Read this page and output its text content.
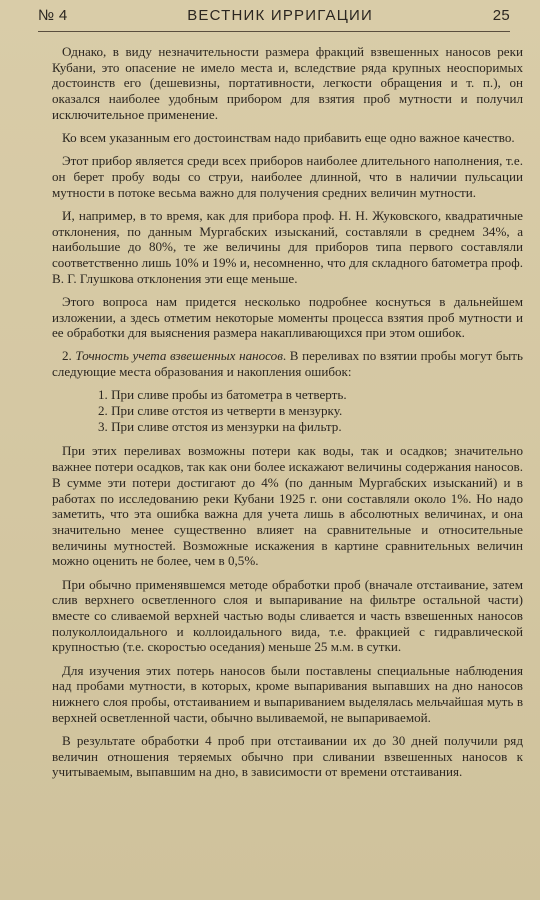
№ 4	ВЕСТНИК ИРРИГАЦИИ	25

Однако, в виду незначительности размера фракций взвешенных наносов реки Кубани, это опасение не имело места и, вследствие ряда крупных неоспоримых достоинств его (дешевизны, портативности, легкости обращения и т. п.), он оказался наиболее удобным прибором для взятия проб мутности и получил исключительное применение.

Ко всем указанным его достоинствам надо прибавить еще одно важное качество.

Этот прибор является среди всех приборов наиболее длительного наполнения, т.е. он берет пробу воды со струи, наиболее длинной, что в наличии пульсации мутности в потоке весьма важно для получения средних величин мутности.

И, например, в то время, как для прибора проф. Н. Н. Жуковского, квадратичные отклонения, по данным Мургабских изысканий, составляли в среднем 34%, а наибольшие до 80%, те же величины для приборов типа первого составляли соответственно лишь 10% и 19% и, несомненно, что для складного батометра проф. В. Г. Глушкова отклонения эти еще меньше.

Этого вопроса нам придется несколько подробнее коснуться в дальнейшем изложении, а здесь отметим некоторые моменты процесса взятия проб мутности и ее обработки для выяснения размера накапливающихся при этом ошибок.

2. Точность учета взвешенных наносов. В переливах по взятии пробы могут быть следующие места образования и накопления ошибок:

1. При сливе пробы из батометра в четверть.
2. При сливе отстоя из четверти в мензурку.
3. При сливе отстоя из мензурки на фильтр.

При этих переливах возможны потери как воды, так и осадков; значительно важнее потери осадков, так как они более искажают величины содержания наносов. В сумме эти потери достигают до 4% (по данным Мургабских изысканий) и в работах по исследованию реки Кубани 1925 г. они составляли около 1%. Но надо заметить, что эта ошибка важна для учета лишь в абсолютных величинах, и она значительно менее существенно влияет на сравнительные и относительные величины мутностей. Возможные искажения в картине сравнительных величин можно оценить не более, чем в 0,5%.

При обычно применявшемся методе обработки проб (вначале отстаивание, затем слив верхнего осветленного слоя и выпаривание на фильтре остальной части) вместе со сливаемой верхней частью воды сливается и часть взвешенных наносов полуколлоидального и коллоидального вида, т.е. фракцией с гидравлической крупностью (т.е. скоростью оседания) меньше 25 м.м. в сутки.

Для изучения этих потерь наносов были поставлены специальные наблюдения над пробами мутности, в которых, кроме выпаривания выпавших на дно наносов нижнего слоя пробы, отстаиванием и выпариванием выделялась мельчайшая муть в верхней осветленной части, обычно выливаемой, не выпариваемой.

В результате обработки 4 проб при отстаивании их до 30 дней получили ряд величин отношения теряемых обычно при сливании взвешенных наносов к учитываемым, выпавшим на дно, в зависимости от времени отстаивания.
